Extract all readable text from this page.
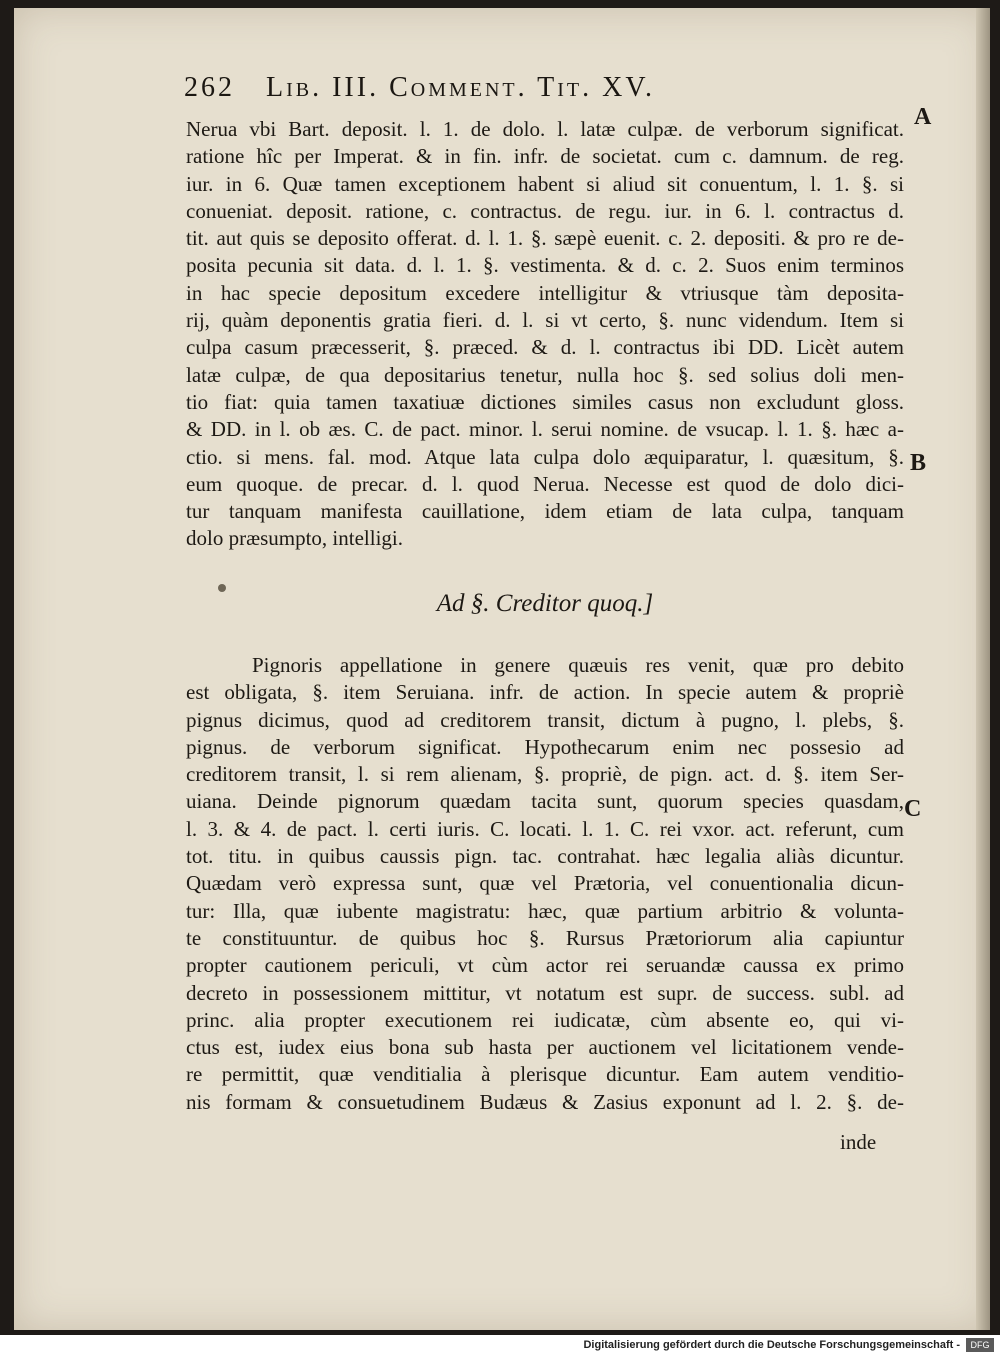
262 Lib. III. Comment. Tit. XV.
A
B
C
Nerua vbi Bart. deposit. l. 1. de dolo. l. latæ culpæ. de verborum significat.
ratione hîc per Imperat. & in fin. infr. de societat. cum c. damnum. de reg.
iur. in 6. Quæ tamen exceptionem habent si aliud sit conuentum, l. 1. §. si
conueniat. deposit. ratione, c. contractus. de regu. iur. in 6. l. contractus d.
tit. aut quis se deposito offerat. d. l. 1. §. sæpè euenit. c. 2. depositi. & pro re de-
posita pecunia sit data. d. l. 1. §. vestimenta. & d. c. 2. Suos enim terminos
in hac specie depositum excedere intelligitur & vtriusque tàm deposita-
rij, quàm deponentis gratia fieri. d. l. si vt certo, §. nunc videndum. Item si
culpa casum præcesserit, §. præced. & d. l. contractus ibi DD. Licèt autem
latæ culpæ, de qua depositarius tenetur, nulla hoc §. sed solius doli men-
tio fiat: quia tamen taxatiuæ dictiones similes casus non excludunt gloss.
& DD. in l. ob æs. C. de pact. minor. l. serui nomine. de vsucap. l. 1. §. hæc a-
ctio. si mens. fal. mod. Atque lata culpa dolo æquiparatur, l. quæsitum, §.
eum quoque. de precar. d. l. quod Nerua. Necesse est quod de dolo dici-
tur tanquam manifesta cauillatione, idem etiam de lata culpa, tanquam
dolo præsumpto, intelligi.
Ad §. Creditor quoq.]
Pignoris appellatione in genere quæuis res venit, quæ pro debito
est obligata, §. item Seruiana. infr. de action. In specie autem & propriè
pignus dicimus, quod ad creditorem transit, dictum à pugno, l. plebs, §.
pignus. de verborum significat. Hypothecarum enim nec possesio ad
creditorem transit, l. si rem alienam, §. propriè, de pign. act. d. §. item Ser-
uiana. Deinde pignorum quædam tacita sunt, quorum species quasdam,
l. 3. & 4. de pact. l. certi iuris. C. locati. l. 1. C. rei vxor. act. referunt, cum
tot. titu. in quibus caussis pign. tac. contrahat. hæc legalia aliàs dicuntur.
Quædam verò expressa sunt, quæ vel Prætoria, vel conuentionalia dicun-
tur: Illa, quæ iubente magistratu: hæc, quæ partium arbitrio & volunta-
te constituuntur. de quibus hoc §. Rursus Prætoriorum alia capiuntur
propter cautionem periculi, vt cùm actor rei seruandæ caussa ex primo
decreto in possessionem mittitur, vt notatum est supr. de success. subl. ad
princ. alia propter executionem rei iudicatæ, cùm absente eo, qui vi-
ctus est, iudex eius bona sub hasta per auctionem vel licitationem vende-
re permittit, quæ venditialia à plerisque dicuntur. Eam autem venditio-
nis formam & consuetudinem Budæus & Zasius exponunt ad l. 2. §. de-
inde
Digitalisierung gefördert durch die Deutsche Forschungsgemeinschaft -	DFG
